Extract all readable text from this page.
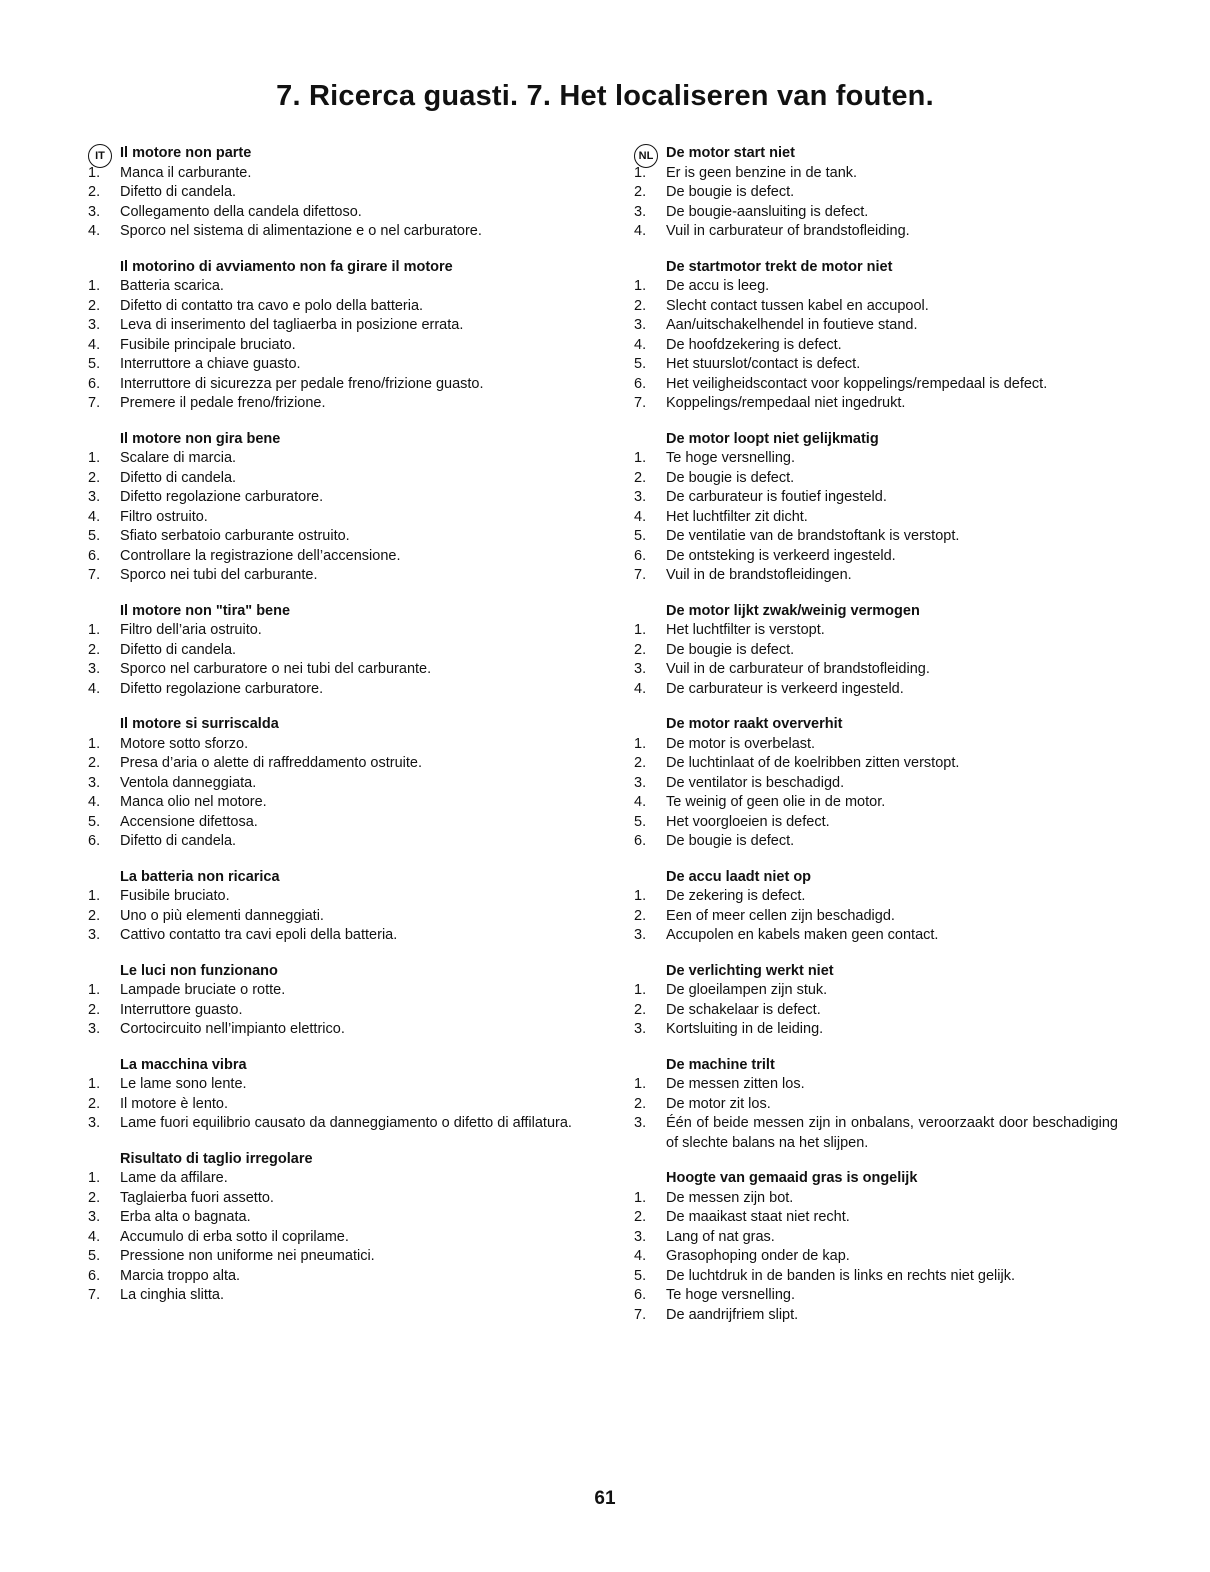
7. Ricerca guasti. 7. Het localiseren van fouten.
IT	Il motore non parte

1.	Manca il carburante.
2.	Difetto di candela.
3.	Collegamento della candela difettoso.
4.	Sporco nel sistema di alimentazione e o nel carburatore.

Il motorino di avviamento non fa girare il motore

1.	Batteria scarica.
2.	Difetto di contatto tra cavo e polo della batteria.
3.	Leva di inserimento del tagliaerba in posizione errata.
4.	Fusibile principale bruciato.
5.	Interruttore a chiave guasto.
6.	Interruttore di sicurezza per pedale freno/frizione guasto.
7.	Premere il pedale freno/frizione.

Il motore non gira bene

1.	Scalare di marcia.
2.	Difetto di candela.
3.	Difetto regolazione carburatore.
4.	Filtro ostruito.
5.	Sfiato serbatoio carburante ostruito.
6.	Controllare la registrazione dell’accensione.
7.	Sporco nei tubi del carburante.

Il motore non "tira" bene

1.	Filtro dell’aria ostruito.
2.	Difetto di candela.
3.	Sporco nel carburatore o nei tubi del carburante.
4.	Difetto regolazione carburatore.

Il motore si surriscalda

1.	Motore sotto sforzo.
2.	Presa d’aria o alette di raffreddamento ostruite.
3.	Ventola danneggiata.
4.	Manca olio nel motore.
5.	Accensione difettosa.
6.	Difetto di candela.

La batteria non ricarica

1.	Fusibile bruciato.
2.	Uno o più elementi danneggiati.
3.	Cattivo contatto tra cavi epoli della batteria.

Le luci non funzionano

1.	Lampade bruciate o rotte.
2.	Interruttore guasto.
3.	Cortocircuito nell’impianto elettrico.

La macchina vibra

1.	Le lame sono lente.
2.	Il motore è lento.
3.	Lame fuori equilibrio causato da danneggiamento o difetto di affilatura.

Risultato di taglio irregolare

1.	Lame da affilare.
2.	Taglaierba fuori assetto.
3.	Erba alta o bagnata.
4.	Accumulo di erba sotto il coprilame.
5.	Pressione non uniforme nei pneumatici.
6.	Marcia troppo alta.
7.	La cinghia slitta.
NL De motor start niet

1.	Er is geen benzine in de tank.
2.	De bougie is defect.
3.	De bougie-aansluiting is defect.
4.	Vuil in carburateur of brandstofleiding.

De startmotor trekt de motor niet

1.	De accu is leeg.
2.	Slecht contact tussen kabel en accupool.
3.	Aan/uitschakelhendel in foutieve stand.
4.	De hoofdzekering is defect.
5.	Het stuurslot/contact is defect.
6.	Het veiligheidscontact voor koppelings/rempedaal is defect.
7.	Koppelings/rempedaal niet ingedrukt.

De motor loopt niet gelijkmatig

1.	Te hoge versnelling.
2.	De bougie is defect.
3.	De carburateur is foutief ingesteld.
4.	Het luchtfilter zit dicht.
5.	De ventilatie van de brandstoftank is verstopt.
6.	De ontsteking is verkeerd ingesteld.
7.	Vuil in de brandstofleidingen.

De motor lijkt zwak/weinig vermogen

1.	Het luchtfilter is verstopt.
2.	De bougie is defect.
3.	Vuil in de carburateur of brandstofleiding.
4.	De carburateur is verkeerd ingesteld.

De motor raakt oververhit

1.	De motor is overbelast.
2.	De luchtinlaat of de koelribben zitten verstopt.
3.	De ventilator is beschadigd.
4.	Te weinig of geen olie in de motor.
5.	Het voorgloeien is defect.
6.	De bougie is defect.

De accu laadt niet op

1.	De zekering is defect.
2.	Een of meer cellen zijn beschadigd.
3.	Accupolen en kabels maken geen contact.

De verlichting werkt niet

1.	De gloeilampen zijn stuk.
2.	De schakelaar is defect.
3.	Kortsluiting in de leiding.

De machine trilt

1.	De messen zitten los.
2.	De motor zit los.
3.	Één of beide messen zijn in onbalans, veroorzaakt door beschadiging of slechte balans na het slijpen.

Hoogte van gemaaid gras is ongelijk

1.	De messen zijn bot.
2.	De maaikast staat niet recht.
3.	Lang of nat gras.
4.	Grasophoping onder de kap.
5.	De luchtdruk in de banden is links en rechts niet gelijk.
6.	Te hoge versnelling.
7.	De aandrijfriem slipt.
61
